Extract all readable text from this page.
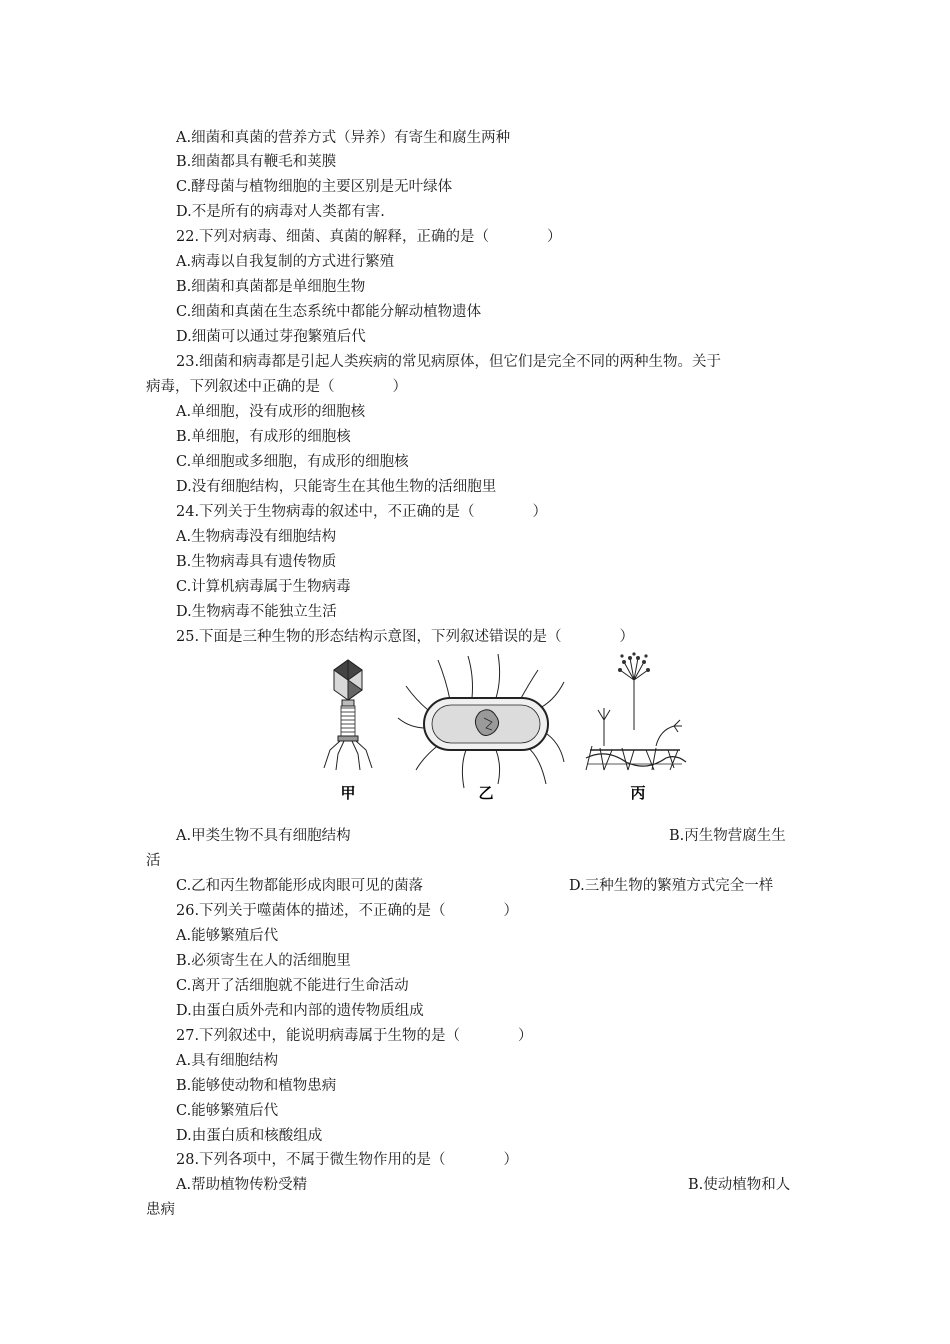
A.细菌和真菌的营养方式（异养）有寄生和腐生两种
B.细菌都具有鞭毛和荚膜
C.酵母菌与植物细胞的主要区别是无叶绿体
D.不是所有的病毒对人类都有害.
22.下列对病毒、细菌、真菌的解释，正确的是（　　　　）
A.病毒以自我复制的方式进行繁殖
B.细菌和真菌都是单细胞生物
C.细菌和真菌在生态系统中都能分解动植物遗体
D.细菌可以通过芽孢繁殖后代
23.细菌和病毒都是引起人类疾病的常见病原体，但它们是完全不同的两种生物。关于
病毒，下列叙述中正确的是（　　　　）
A.单细胞，没有成形的细胞核
B.单细胞，有成形的细胞核
C.单细胞或多细胞，有成形的细胞核
D.没有细胞结构，只能寄生在其他生物的活细胞里
24.下列关于生物病毒的叙述中，不正确的是（　　　　）
A.生物病毒没有细胞结构
B.生物病毒具有遗传物质
C.计算机病毒属于生物病毒
D.生物病毒不能独立生活
25.下面是三种生物的形态结构示意图，下列叙述错误的是（　　　　）
甲	乙	丙
A.甲类生物不具有细胞结构	B.丙生物营腐生生
活
C.乙和丙生物都能形成肉眼可见的菌落	D.三种生物的繁殖方式完全一样
26.下列关于噬菌体的描述，不正确的是（　　　　）
A.能够繁殖后代
B.必须寄生在人的活细胞里
C.离开了活细胞就不能进行生命活动
D.由蛋白质外壳和内部的遗传物质组成
27.下列叙述中，能说明病毒属于生物的是（　　　　）
A.具有细胞结构
B.能够使动物和植物患病
C.能够繁殖后代
D.由蛋白质和核酸组成
28.下列各项中，不属于微生物作用的是（　　　　）
A.帮助植物传粉受精	B.使动植物和人
患病
